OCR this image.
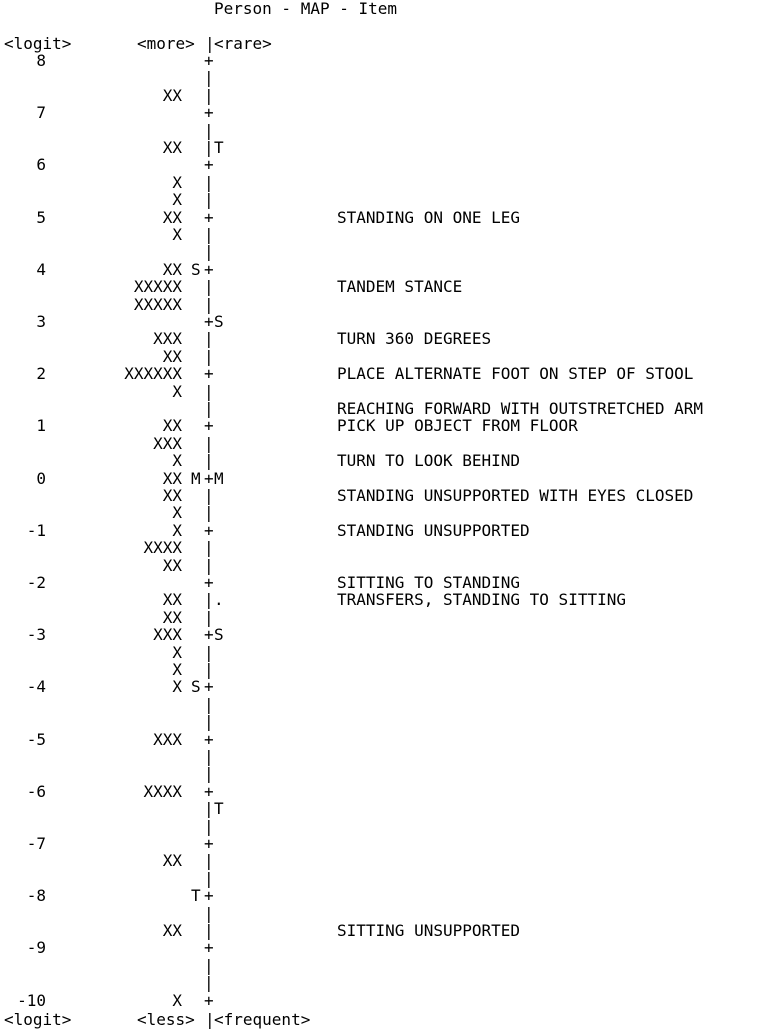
Person - MAP - Item
<logit>	<more> | <rare>
8	+
|
XX |
7	+
|
XX | T
6	+
X |
X |
5	XX +	STANDING ON ONE LEG
X |
|
4	XX S +
XXXXX |	TANDEM STANCE
XXXXX |
3	+ S
XXX |	TURN 360 DEGREES
XX |
2	XXXXXX +	PLACE ALTERNATE FOOT ON STEP OF STOOL
X |
|	REACHING FORWARD WITH OUTSTRETCHED ARM
1	XX +	PICK UP OBJECT FROM FLOOR
XXX |
X |	TURN TO LOOK BEHIND
0	XX M + M
XX |	STANDING UNSUPPORTED WITH EYES CLOSED
X |
-1	X +	STANDING UNSUPPORTED
XXXX |
XX |
-2	+	SITTING TO STANDING
XX | .	TRANSFERS, STANDING TO SITTING
XX |
-3	XXX + S
X |
X |
-4	X S +
|
|
-5	XXX +
|
|
-6	XXXX +
| T
|
-7	+
XX |
|
-8	T +
|
XX |	SITTING UNSUPPORTED
-9	+
|
|
-10	X +
<logit>	<less> | <frequent>
